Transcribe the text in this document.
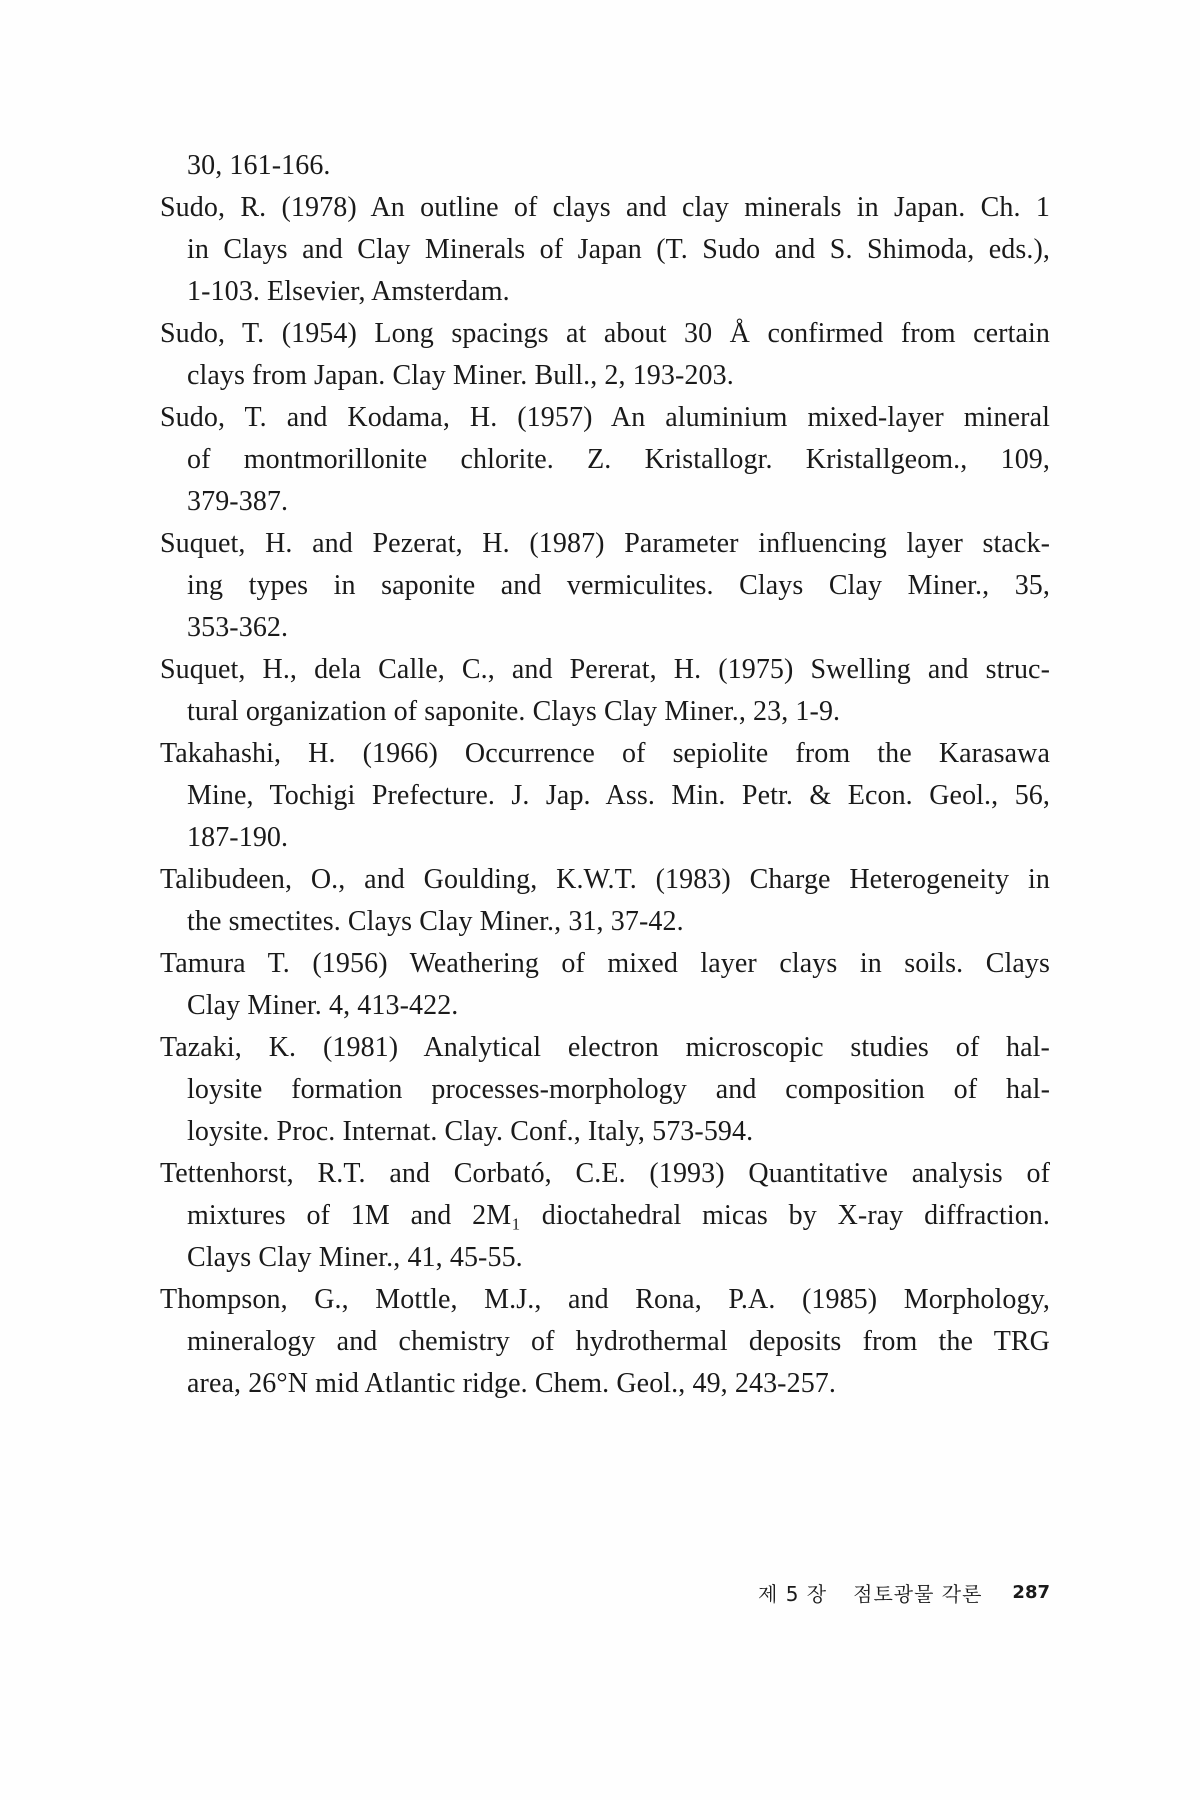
30, 161-166.
Sudo, R. (1978) An outline of clays and clay minerals in Japan. Ch. 1
in Clays and Clay Minerals of Japan (T. Sudo and S. Shimoda, eds.),
1-103. Elsevier, Amsterdam.
Sudo, T. (1954) Long spacings at about 30 Å confirmed from certain
clays from Japan. Clay Miner. Bull., 2, 193-203.
Sudo, T. and Kodama, H. (1957) An aluminium mixed-layer mineral
of montmorillonite chlorite. Z. Kristallogr. Kristallgeom., 109,
379-387.
Suquet, H. and Pezerat, H. (1987) Parameter influencing layer stack-
ing types in saponite and vermiculites. Clays Clay Miner., 35,
353-362.
Suquet, H., dela Calle, C., and Pererat, H. (1975) Swelling and struc-
tural organization of saponite. Clays Clay Miner., 23, 1-9.
Takahashi, H. (1966) Occurrence of sepiolite from the Karasawa
Mine, Tochigi Prefecture. J. Jap. Ass. Min. Petr. & Econ. Geol., 56,
187-190.
Talibudeen, O., and Goulding, K.W.T. (1983) Charge Heterogeneity in
the smectites. Clays Clay Miner., 31, 37-42.
Tamura T. (1956) Weathering of mixed layer clays in soils. Clays
Clay Miner. 4, 413-422.
Tazaki, K. (1981) Analytical electron microscopic studies of hal-
loysite formation processes-morphology and composition of hal-
loysite. Proc. Internat. Clay. Conf., Italy, 573-594.
Tettenhorst, R.T. and Corbató, C.E. (1993) Quantitative analysis of
mixtures of 1M and 2M₁ dioctahedral micas by X-ray diffraction.
Clays Clay Miner., 41, 45-55.
Thompson, G., Mottle, M.J., and Rona, P.A. (1985) Morphology,
mineralogy and chemistry of hydrothermal deposits from the TRG
area, 26°N mid Atlantic ridge. Chem. Geol., 49, 243-257.
제 5 장 점토광물 각론 287
